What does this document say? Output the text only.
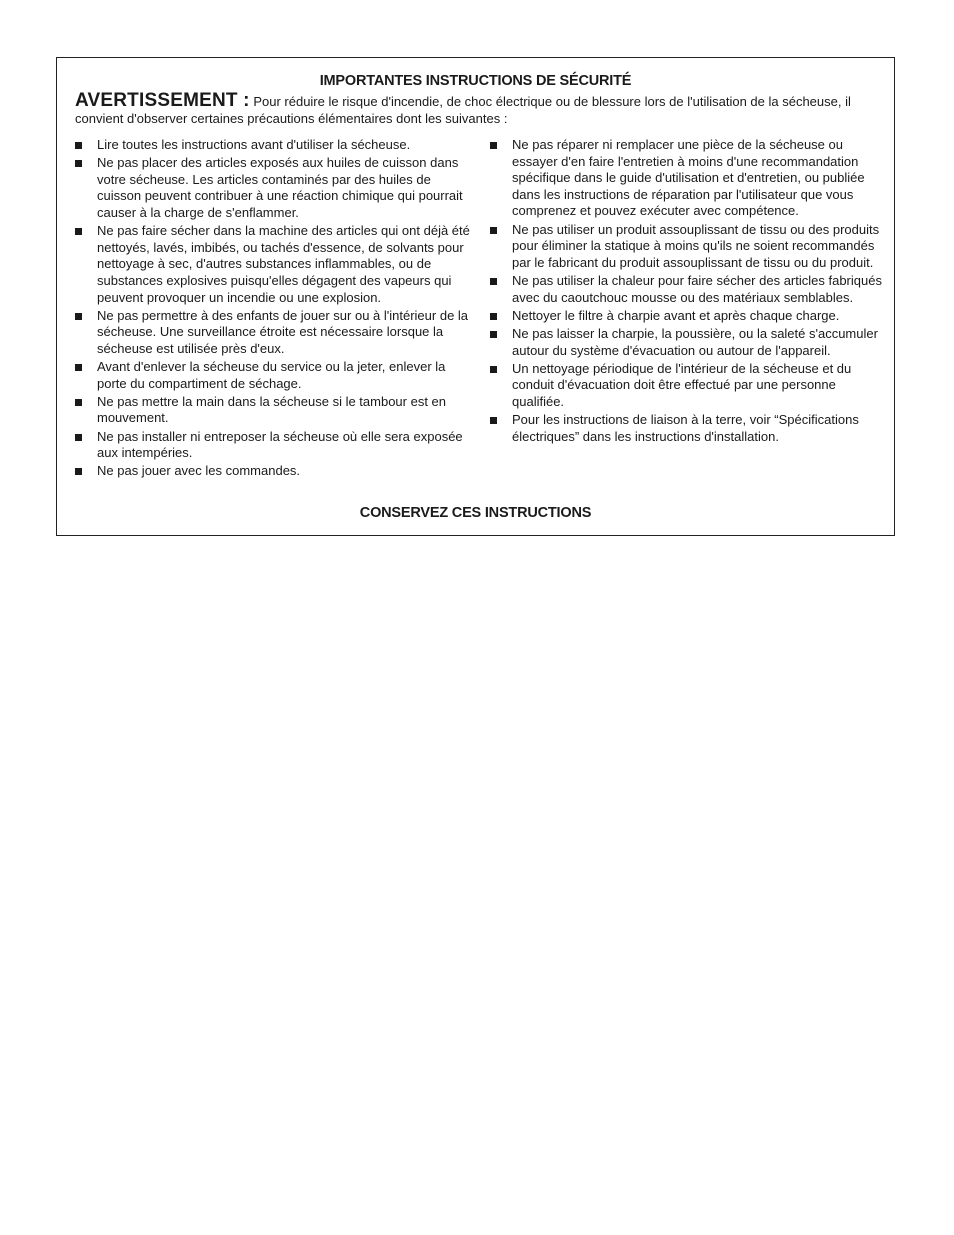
IMPORTANTES INSTRUCTIONS DE SÉCURITÉ
AVERTISSEMENT : Pour réduire le risque d'incendie, de choc électrique ou de blessure lors de l'utilisation de la sécheuse, il convient d'observer certaines précautions élémentaires dont les suivantes :
Lire toutes les instructions avant d'utiliser la sécheuse.
Ne pas placer des articles exposés aux huiles de cuisson dans votre sécheuse. Les articles contaminés par des huiles de cuisson peuvent contribuer à une réaction chimique qui pourrait causer à la charge de s'enflammer.
Ne pas faire sécher dans la machine des articles qui ont déjà été nettoyés, lavés, imbibés, ou tachés d'essence, de solvants pour nettoyage à sec, d'autres substances inflammables, ou de substances explosives puisqu'elles dégagent des vapeurs qui peuvent provoquer un incendie ou une explosion.
Ne pas permettre à des enfants de jouer sur ou à l'intérieur de la sécheuse. Une surveillance étroite est nécessaire lorsque la sécheuse est utilisée près d'eux.
Avant d'enlever la sécheuse du service ou la jeter, enlever la porte du compartiment de séchage.
Ne pas mettre la main dans la sécheuse si le tambour est en mouvement.
Ne pas installer ni entreposer la sécheuse où elle sera exposée aux intempéries.
Ne pas jouer avec les commandes.
Ne pas réparer ni remplacer une pièce de la sécheuse ou essayer d'en faire l'entretien à moins d'une recommandation spécifique dans le guide d'utilisation et d'entretien, ou publiée dans les instructions de réparation par l'utilisateur que vous comprenez et pouvez exécuter avec compétence.
Ne pas utiliser un produit assouplissant de tissu ou des produits pour éliminer la statique à moins qu'ils ne soient recommandés par le fabricant du produit assouplissant de tissu ou du produit.
Ne pas utiliser la chaleur pour faire sécher des articles fabriqués avec du caoutchouc mousse ou des matériaux semblables.
Nettoyer le filtre à charpie avant et après chaque charge.
Ne pas laisser la charpie, la poussière, ou la saleté s'accumuler autour du système d'évacuation ou autour de l'appareil.
Un nettoyage périodique de l'intérieur de la sécheuse et du conduit d'évacuation doit être effectué par une personne qualifiée.
Pour les instructions de liaison à la terre, voir “Spécifications électriques” dans les instructions d'installation.
CONSERVEZ CES INSTRUCTIONS
